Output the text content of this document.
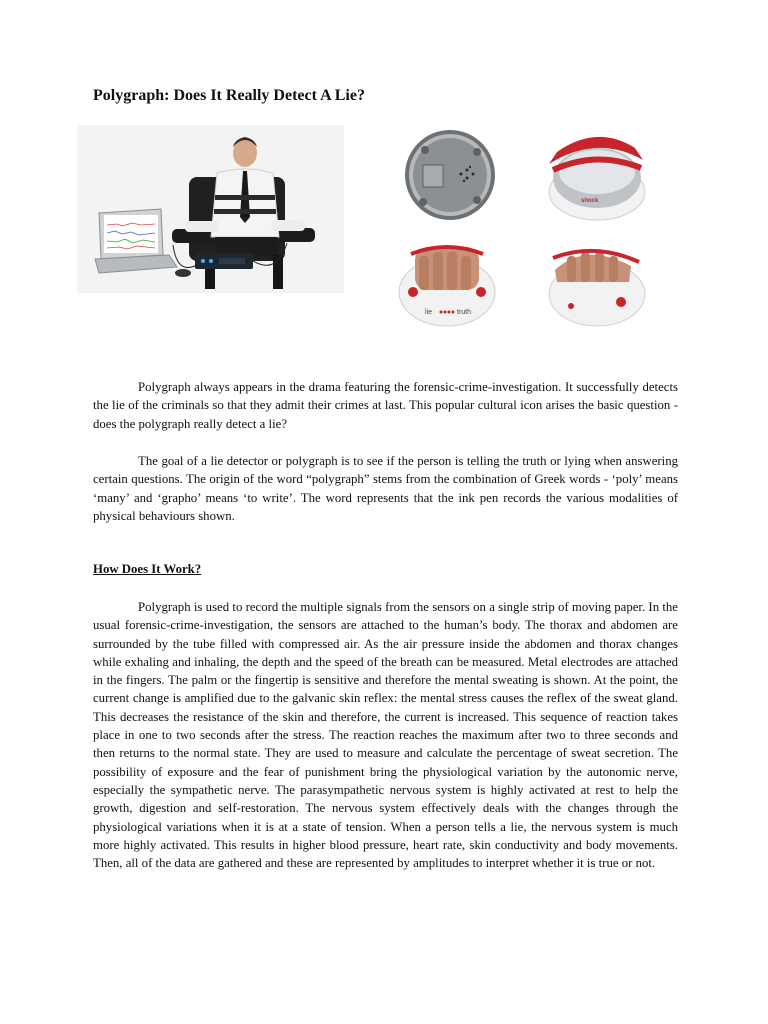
Polygraph: Does It Really Detect A Lie?
shock
lie	truth

Polygraph always appears in the drama featuring the forensic-crime-investigation. It successfully detects the lie of the criminals so that they admit their crimes at last. This popular cultural icon arises the basic question - does the polygraph really detect a lie?

The goal of a lie detector or polygraph is to see if the person is telling the truth or lying when answering certain questions. The origin of the word “polygraph” stems from the combination of Greek words - ‘poly’ means ‘many’ and ‘grapho’ means ‘to write’. The word represents that the ink pen records the various modalities of physical behaviours shown.

How Does It Work?

Polygraph is used to record the multiple signals from the sensors on a single strip of moving paper. In the usual forensic-crime-investigation, the sensors are attached to the human’s body. The thorax and abdomen are surrounded by the tube filled with compressed air. As the air pressure inside the abdomen and thorax changes while exhaling and inhaling, the depth and the speed of the breath can be measured. Metal electrodes are attached in the fingers. The palm or the fingertip is sensitive and therefore the mental sweating is shown. At the point, the current change is amplified due to the galvanic skin reflex: the mental stress causes the reflex of the sweat gland. This decreases the resistance of the skin and therefore, the current is increased. This sequence of reaction takes place in one to two seconds after the stress. The reaction reaches the maximum after two to three seconds and then returns to the normal state. They are used to measure and calculate the percentage of sweat secretion. The possibility of exposure and the fear of punishment bring the physiological variation by the autonomic nerve, especially the sympathetic nerve. The parasympathetic nervous system is highly activated at rest to help the growth, digestion and self-restoration. The nervous system effectively deals with the changes through the physiological variations when it is at a state of tension. When a person tells a lie, the nervous system is much more highly activated. This results in higher blood pressure, heart rate, skin conductivity and body movements. Then, all of the data are gathered and these are represented by amplitudes to interpret whether it is true or not.
